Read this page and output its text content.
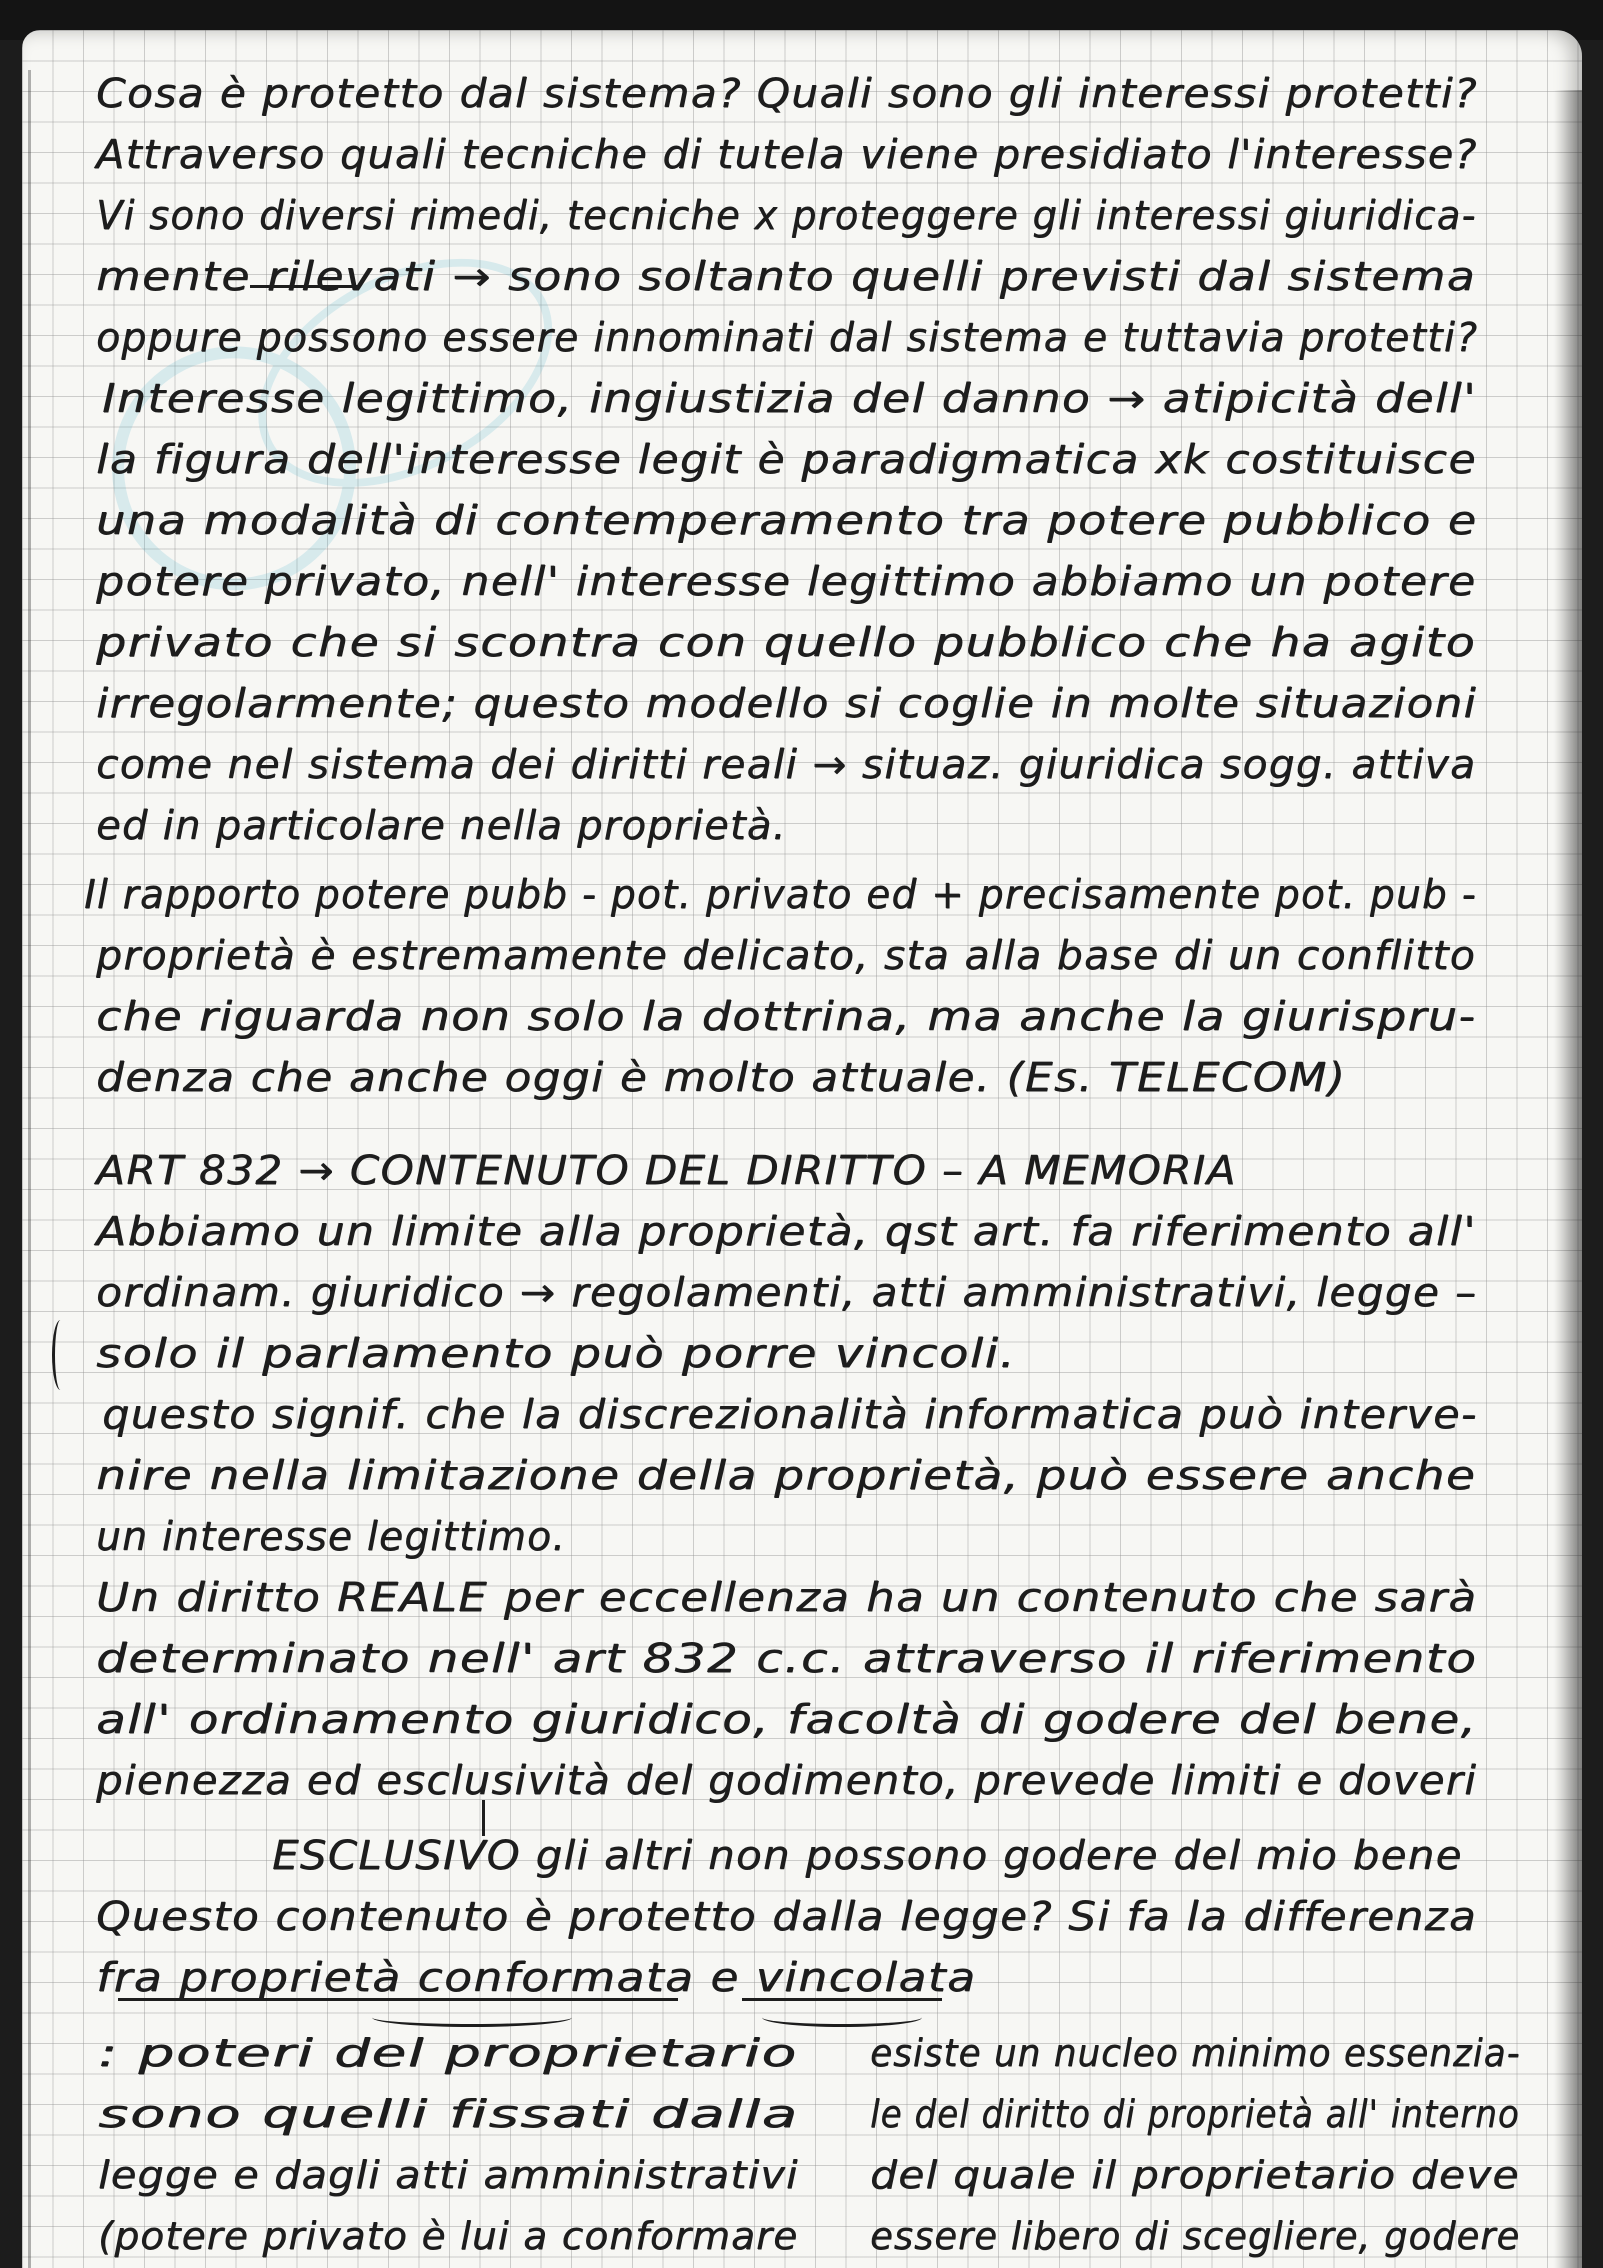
Cosa è protetto dal sistema? Quali sono gli interessi protetti?
Attraverso quali tecniche di tutela viene presidiato l'interesse?
Vi sono diversi rimedi, tecniche x proteggere gli interessi giuridica-
mente rilevati → sono soltanto quelli previsti dal sistema
oppure possono essere innominati dal sistema e tuttavia protetti?
Interesse legittimo, ingiustizia del danno → atipicità dell'
la figura dell'interesse legit è paradigmatica xk costituisce
una modalità di contemperamento tra potere pubblico e
potere privato, nell' interesse legittimo abbiamo un potere
privato che si scontra con quello pubblico che ha agito
irregolarmente; questo modello si coglie in molte situazioni
come nel sistema dei diritti reali → situaz. giuridica sogg. attiva
ed in particolare nella proprietà.
Il rapporto potere pubb - pot. privato ed + precisamente pot. pub -
proprietà è estremamente delicato, sta alla base di un conflitto
che riguarda non solo la dottrina, ma anche la giurispru-
denza che anche oggi è molto attuale. (Es. TELECOM)
ART 832 → CONTENUTO DEL DIRITTO – A MEMORIA
Abbiamo un limite alla proprietà, qst art. fa riferimento all'
ordinam. giuridico → regolamenti, atti amministrativi, legge –
solo il parlamento può porre vincoli.
questo signif. che la discrezionalità informatica può interve-
nire nella limitazione della proprietà, può essere anche
un interesse legittimo.
Un diritto REALE per eccellenza ha un contenuto che sarà
determinato nell' art 832 c.c. attraverso il riferimento
all' ordinamento giuridico, facoltà di godere del bene,
pienezza ed esclusività del godimento, prevede limiti e doveri
ESCLUSIVO gli altri non possono godere del mio bene
Questo contenuto è protetto dalla legge? Si fa la differenza
fra proprietà conformata e vincolata
: poteri del proprietario
sono quelli fissati dalla
legge e dagli atti amministrativi
(potere privato è lui a conformare
esiste un nucleo minimo essenzia-
le del diritto di proprietà all' interno
del quale il proprietario deve
essere libero di scegliere, godere
